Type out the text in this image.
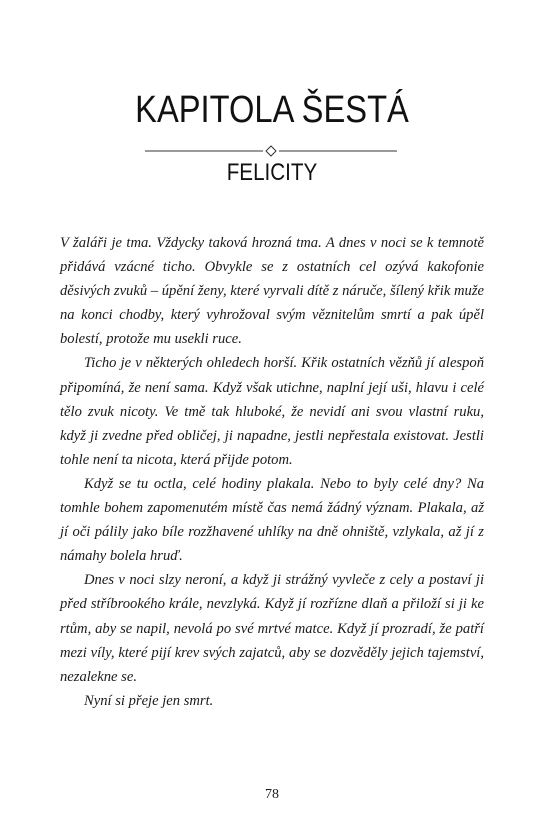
KAPITOLA ŠESTÁ
FELICITY

V žaláři je tma. Vždycky taková hrozná tma. A dnes v noci se k temnotě přidává vzácné ticho. Obvykle se z ostatních cel ozývá kakofonie děsivých zvuků – úpění ženy, které vyrvali dítě z náruče, šílený křik muže na konci chodby, který vyhrožoval svým věznitelům smrtí a pak úpěl bolestí, protože mu usekli ruce.

Ticho je v některých ohledech horší. Křik ostatních vězňů jí alespoň připomíná, že není sama. Když však utichne, naplní její uši, hlavu i celé tělo zvuk nicoty. Ve tmě tak hluboké, že nevidí ani svou vlastní ruku, když ji zvedne před obličej, ji napadne, jestli nepřestala existovat. Jestli tohle není ta nicota, která přijde potom.

Když se tu octla, celé hodiny plakala. Nebo to byly celé dny? Na tomhle bohem zapomenutém místě čas nemá žádný význam. Plakala, až jí oči pálily jako bíle rozžhavené uhlíky na dně ohniště, vzlykala, až jí z námahy bolela hruď.

Dnes v noci slzy neroní, a když ji strážný vyvleče z cely a postaví ji před stříbrookého krále, nevzlyká. Když jí rozřízne dlaň a přiloží si ji ke rtům, aby se napil, nevolá po své mrtvé matce. Když jí prozradí, že patří mezi víly, které pijí krev svých zajatců, aby se dozvěděly jejich tajemství, nezalekne se.

Nyní si přeje jen smrt.

78
